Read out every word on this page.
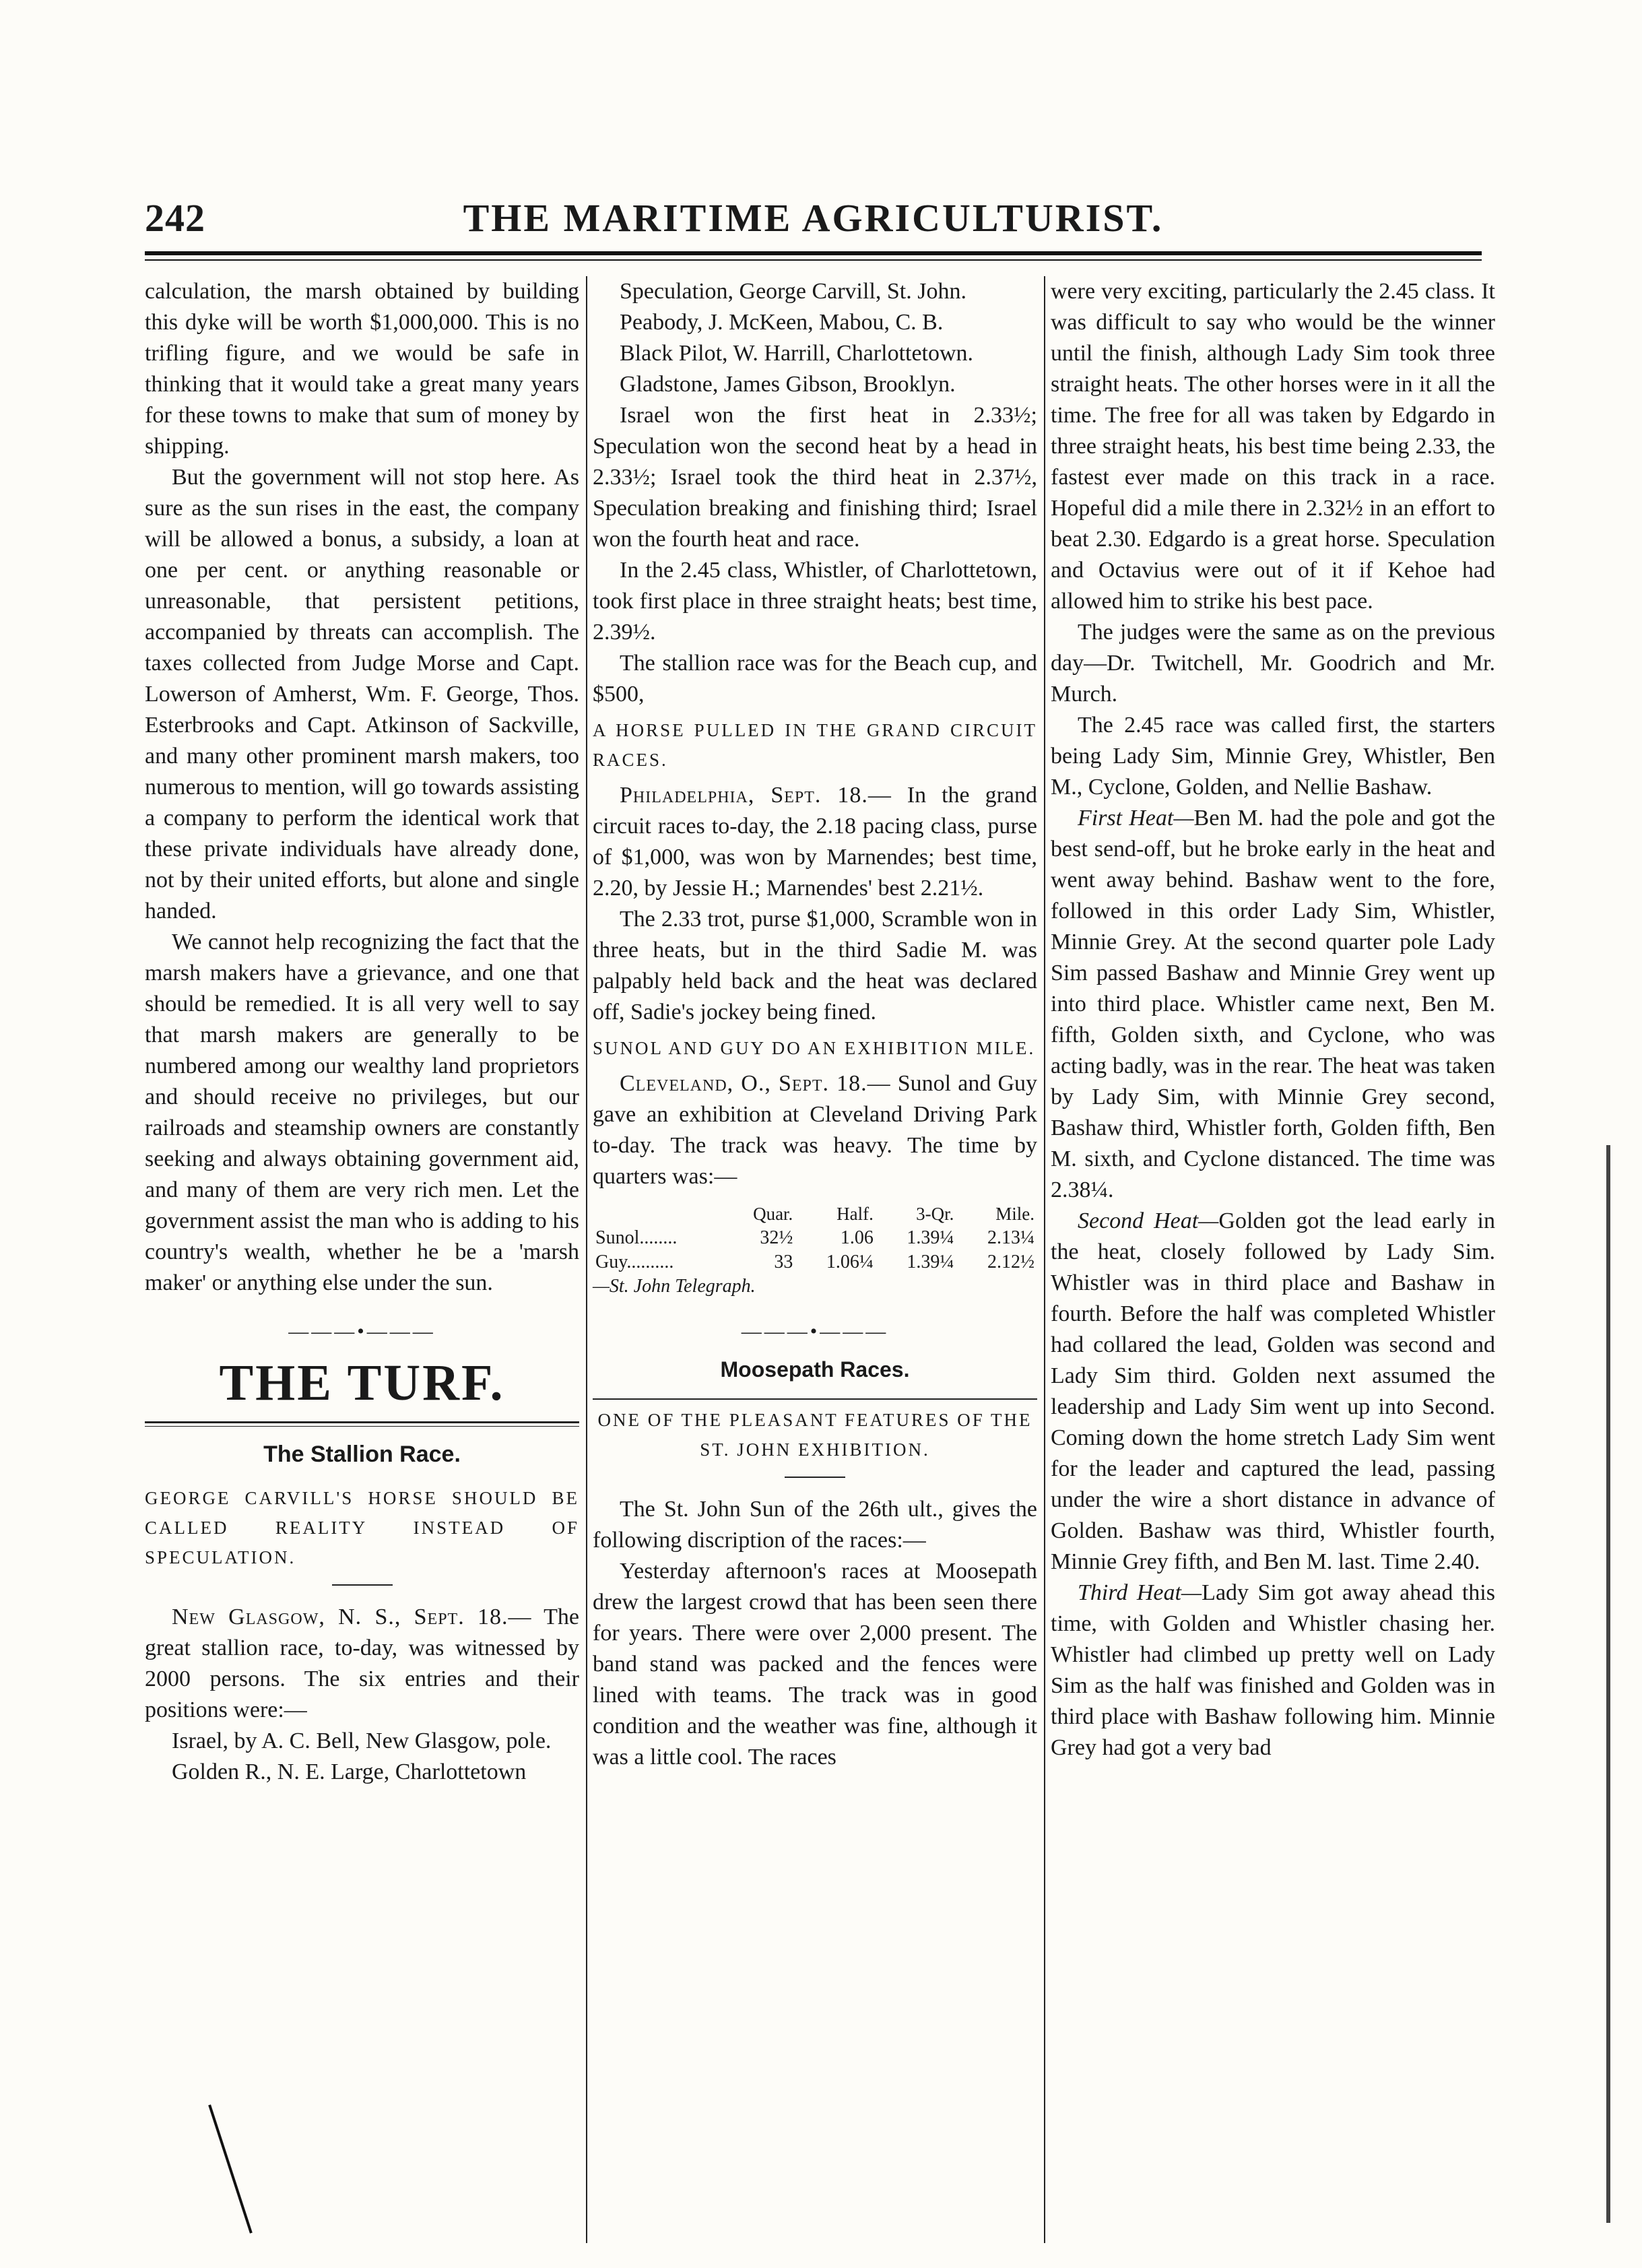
242	THE MARITIME AGRICULTURIST.

calculation, the marsh obtained by building this dyke will be worth $1,000,000. This is no trifling figure, and we would be safe in thinking that it would take a great many years for these towns to make that sum of money by shipping.

But the government will not stop here. As sure as the sun rises in the east, the company will be allowed a bonus, a subsidy, a loan at one per cent. or anything reasonable or unreasonable, that persistent petitions, accompanied by threats can accomplish. The taxes collected from Judge Morse and Capt. Lowerson of Amherst, Wm. F. George, Thos. Esterbrooks and Capt. Atkinson of Sackville, and many other prominent marsh makers, too numerous to mention, will go towards assisting a company to perform the identical work that these private individuals have already done, not by their united efforts, but alone and single handed.

We cannot help recognizing the fact that the marsh makers have a grievance, and one that should be remedied. It is all very well to say that marsh makers are generally to be numbered among our wealthy land proprietors and should receive no privileges, but our railroads and steamship owners are constantly seeking and always obtaining government aid, and many of them are very rich men. Let the government assist the man who is adding to his country's wealth, whether he be a 'marsh maker' or anything else under the sun.

———•———
THE TURF.
The Stallion Race.
GEORGE CARVILL'S HORSE SHOULD BE CALLED REALITY INSTEAD OF SPECULATION.

New Glasgow, N. S., Sept. 18.— The great stallion race, to-day, was witnessed by 2000 persons. The six entries and their positions were:—

Israel, by A. C. Bell, New Glasgow, pole.

Golden R., N. E. Large, Charlottetown

Speculation, George Carvill, St. John.

Peabody, J. McKeen, Mabou, C. B.

Black Pilot, W. Harrill, Charlottetown.

Gladstone, James Gibson, Brooklyn.

Israel won the first heat in 2.33½; Speculation won the second heat by a head in 2.33½; Israel took the third heat in 2.37½, Speculation breaking and finishing third; Israel won the fourth heat and race.

In the 2.45 class, Whistler, of Charlottetown, took first place in three straight heats; best time, 2.39½.

The stallion race was for the Beach cup, and $500,

A HORSE PULLED IN THE GRAND CIRCUIT RACES.

Philadelphia, Sept. 18.— In the grand circuit races to-day, the 2.18 pacing class, purse of $1,000, was won by Marnendes; best time, 2.20, by Jessie H.; Marnendes' best 2.21½.

The 2.33 trot, purse $1,000, Scramble won in three heats, but in the third Sadie M. was palpably held back and the heat was declared off, Sadie's jockey being fined.

SUNOL AND GUY DO AN EXHIBITION MILE.

Cleveland, O., Sept. 18.— Sunol and Guy gave an exhibition at Cleveland Driving Park to-day. The track was heavy. The time by quarters was:—

	Quar.	Half.	3-Qr.	Mile.
Sunol........	32½	1.06	1.39¼	2.13¼
Guy..........	33	1.06¼	1.39¼	2.12½
—St. John Telegraph.
———•———
Moosepath Races.
ONE OF THE PLEASANT FEATURES OF THE ST. JOHN EXHIBITION.

The St. John Sun of the 26th ult., gives the following discription of the races:—

Yesterday afternoon's races at Moosepath drew the largest crowd that has been seen there for years. There were over 2,000 present. The band stand was packed and the fences were lined with teams. The track was in good condition and the weather was fine, although it was a little cool. The races

were very exciting, particularly the 2.45 class. It was difficult to say who would be the winner until the finish, although Lady Sim took three straight heats. The other horses were in it all the time. The free for all was taken by Edgardo in three straight heats, his best time being 2.33, the fastest ever made on this track in a race. Hopeful did a mile there in 2.32½ in an effort to beat 2.30. Edgardo is a great horse. Speculation and Octavius were out of it if Kehoe had allowed him to strike his best pace.

The judges were the same as on the previous day—Dr. Twitchell, Mr. Goodrich and Mr. Murch.

The 2.45 race was called first, the starters being Lady Sim, Minnie Grey, Whistler, Ben M., Cyclone, Golden, and Nellie Bashaw.

First Heat—Ben M. had the pole and got the best send-off, but he broke early in the heat and went away behind. Bashaw went to the fore, followed in this order Lady Sim, Whistler, Minnie Grey. At the second quarter pole Lady Sim passed Bashaw and Minnie Grey went up into third place. Whistler came next, Ben M. fifth, Golden sixth, and Cyclone, who was acting badly, was in the rear. The heat was taken by Lady Sim, with Minnie Grey second, Bashaw third, Whistler forth, Golden fifth, Ben M. sixth, and Cyclone distanced. The time was 2.38¼.

Second Heat—Golden got the lead early in the heat, closely followed by Lady Sim. Whistler was in third place and Bashaw in fourth. Before the half was completed Whistler had collared the lead, Golden was second and Lady Sim third. Golden next assumed the leadership and Lady Sim went up into Second. Coming down the home stretch Lady Sim went for the leader and captured the lead, passing under the wire a short distance in advance of Golden. Bashaw was third, Whistler fourth, Minnie Grey fifth, and Ben M. last. Time 2.40.

Third Heat—Lady Sim got away ahead this time, with Golden and Whistler chasing her. Whistler had climbed up pretty well on Lady Sim as the half was finished and Golden was in third place with Bashaw following him. Minnie Grey had got a very bad
